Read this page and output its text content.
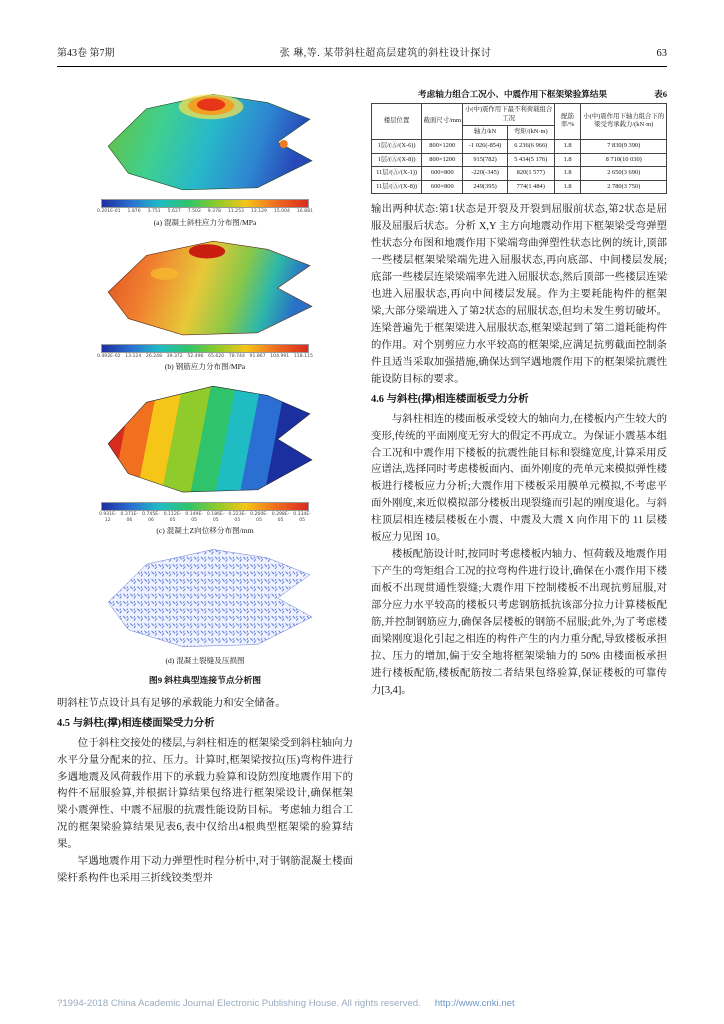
第43卷 第7期	张 琳,等. 某带斜柱超高层建筑的斜柱设计探讨	63
0.201E-01 1.876 3.751 5.627 7.502 9.378 11.253 13.129 15.004 16.881
(a) 混凝土斜柱应力分布图/MPa
0.492E-02 13.124 26.248 39.372 52.496 65.620 78.744 91.867 104.991 118.115
(b) 钢筋应力分布图/MPa
0.931E-12
0.371E-06
0.745E-06
0.112E-05
0.149E-05
0.186E-05
0.223E-05
0.260E-05
0.298E-05
0.334E-05
(c) 混凝土Z向位移分布图/mm
(d) 混凝土裂缝及压损图
图9 斜柱典型连接节点分析图

明斜柱节点设计具有足够的承载能力和安全储备。

4.5 与斜柱(撑)相连楼面梁受力分析

位于斜柱交接处的楼层,与斜柱相连的框架梁受到斜柱轴向力水平分量分配来的拉、压力。计算时,框架梁按拉(压)弯构件进行多遇地震及风荷载作用下的承载力验算和设防烈度地震作用下的构件不屈服验算,并根据计算结果包络进行框架梁设计,确保框架梁小震弹性、中震不屈服的抗震性能设防目标。考虑轴力组合工况的框架梁验算结果见表6,表中仅给出4根典型框架梁的验算结果。

罕遇地震作用下动力弹塑性时程分析中,对于钢筋混凝土楼面梁杆系构件也采用三折线铰类型并

考虑轴力组合工况小、中震作用下框架梁验算结果	表6
楼层位置	截面尺寸/mm	小(中)震作用下最不利荷载组合工况		配筋率/%	小(中)震作用下轴力组合下的梁受弯承载力/(kN·m)
		轴力/kN	弯矩/(kN·m)		
1层/(Ⓐ/(X-6))	800×1200	-1 026(-854)	6 236(6 966)	1.8	7 830(9 390)
1层/(Ⓐ/(X-8))	800×1200	915(782)	5 434(5 176)	1.8	8 710(10 030)
11层/(Ⓐ/(X-1))	600×800	-220(-345)	820(1 577)	1.8	2 650(3 690)
11层/(Ⓐ/(X-8))	600×800	249(395)	774(1 484)	1.8	2 780(3 750)

输出两种状态:第1状态是开裂及开裂到屈服前状态,第2状态是屈服及屈服后状态。分析 X,Y 主方向地震动作用下框架梁受弯弹塑性状态分布图和地震作用下梁端弯曲弹塑性状态比例的统计,顶部一些楼层框架梁梁端先进入屈服状态,再向底部、中间楼层发展;底部一些楼层连梁梁端率先进入屈服状态,然后顶部一些楼层连梁也进入屈服状态,再向中间楼层发展。作为主要耗能构件的框架梁,大部分梁端进入了第2状态的屈服状态,但均未发生剪切破坏。连梁普遍先于框架梁进入屈服状态,框架梁起到了第二道耗能构件的作用。对个别剪应力水平较高的框架梁,应满足抗剪截面控制条件且适当采取加强措施,确保达到罕遇地震作用下的框架梁抗震性能设防目标的要求。

4.6 与斜柱(撑)相连楼面板受力分析

与斜柱相连的楼面板承受较大的轴向力,在楼板内产生较大的变形,传统的平面刚度无穷大的假定不再成立。为保证小震基本组合工况和中震作用下楼板的抗震性能目标和裂缝宽度,计算采用反应谱法,选择同时考虑楼板面内、面外刚度的壳单元来模拟弹性楼板进行楼板应力分析;大震作用下楼板采用膜单元模拟,不考虑平面外刚度,来近似模拟部分楼板出现裂缝而引起的刚度退化。与斜柱顶层相连楼层楼板在小震、中震及大震 X 向作用下的 11 层楼板应力见图 10。

楼板配筋设计时,按同时考虑楼板内轴力、恒荷载及地震作用下产生的弯矩组合工况的拉弯构件进行设计,确保在小震作用下楼面板不出现贯通性裂缝;大震作用下控制楼板不出现抗剪屈服,对部分应力水平较高的楼板只考虑钢筋抵抗该部分拉力计算楼板配筋,并控制钢筋应力,确保各层楼板的钢筋不屈服;此外,为了考虑楼面梁刚度退化引起之相连的构件产生的内力重分配,导致楼板承担拉、压力的增加,偏于安全地将框架梁轴力的 50% 由楼面板承担进行楼板配筋,楼板配筋按二者结果包络验算,保证楼板的可靠传力[3,4]。

?1994-2018 China Academic Journal Electronic Publishing House. All rights reserved. http://www.cnki.net
